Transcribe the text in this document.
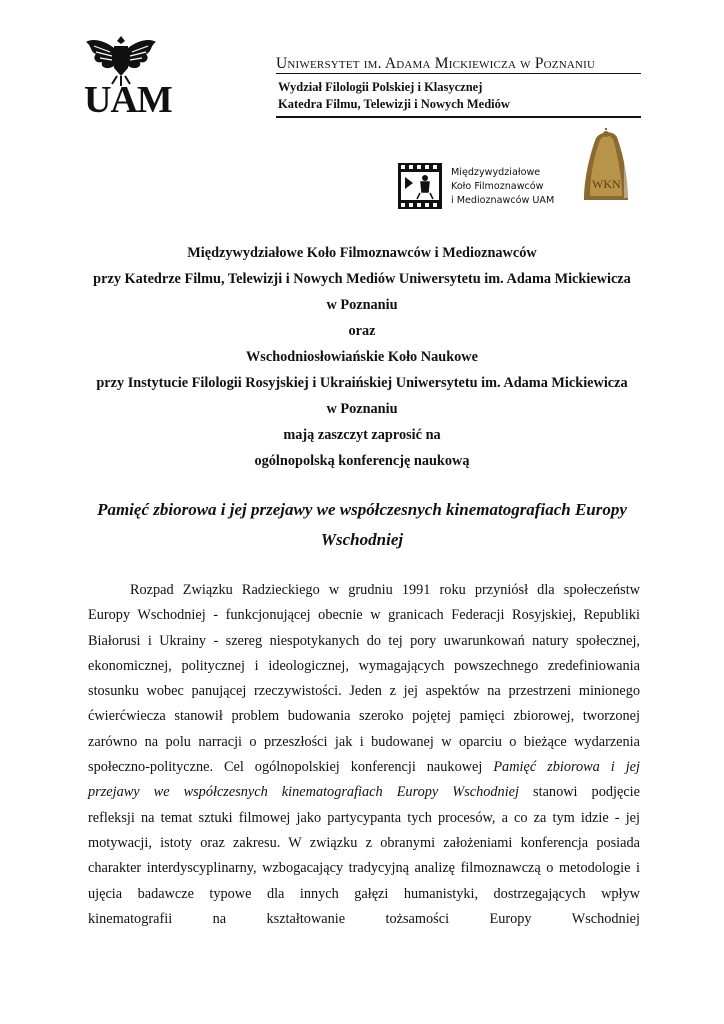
UAM
Uniwersytet im. Adama Mickiewicza w Poznaniu
Wydział Filologii Polskiej i Klasycznej
Katedra Filmu, Telewizji i Nowych Mediów
Międzywydziałowe
Koło Filmoznawców
i Medioznawców UAM
WKN
Międzywydziałowe Koło Filmoznawców i Medioznawców
przy Katedrze Filmu, Telewizji i Nowych Mediów Uniwersytetu im. Adama Mickiewicza
w Poznaniu
oraz
Wschodniosłowiańskie Koło Naukowe
przy Instytucie Filologii Rosyjskiej i Ukraińskiej Uniwersytetu im. Adama Mickiewicza
w Poznaniu
mają zaszczyt zaprosić na
ogólnopolską konferencję naukową
Pamięć zbiorowa i jej przejawy we współczesnych kinematografiach Europy
Wschodniej
Rozpad Związku Radzieckiego w grudniu 1991 roku przyniósł dla społeczeństw
Europy Wschodniej - funkcjonującej obecnie w granicach Federacji Rosyjskiej, Republiki
Białorusi i Ukrainy - szereg niespotykanych do tej pory uwarunkowań natury społecznej,
ekonomicznej, politycznej i ideologicznej, wymagających powszechnego zredefiniowania
stosunku wobec panującej rzeczywistości. Jeden z jej aspektów na przestrzeni minionego
ćwierćwiecza stanowił problem budowania szeroko pojętej pamięci zbiorowej, tworzonej
zarówno na polu narracji o przeszłości jak i budowanej w oparciu o bieżące wydarzenia
społeczno-polityczne. Cel ogólnopolskiej konferencji naukowej Pamięć zbiorowa i jej
przejawy we współczesnych kinematografiach Europy Wschodniej stanowi podjęcie
refleksji na temat sztuki filmowej jako partycypanta tych procesów, a co za tym idzie - jej
motywacji, istoty oraz zakresu. W związku z obranymi założeniami konferencja posiada
charakter interdyscyplinarny, wzbogacający tradycyjną analizę filmoznawczą o metodologie i
ujęcia badawcze typowe dla innych gałęzi humanistyki, dostrzegających wpływ
kinematografii na kształtowanie tożsamości Europy Wschodniej
